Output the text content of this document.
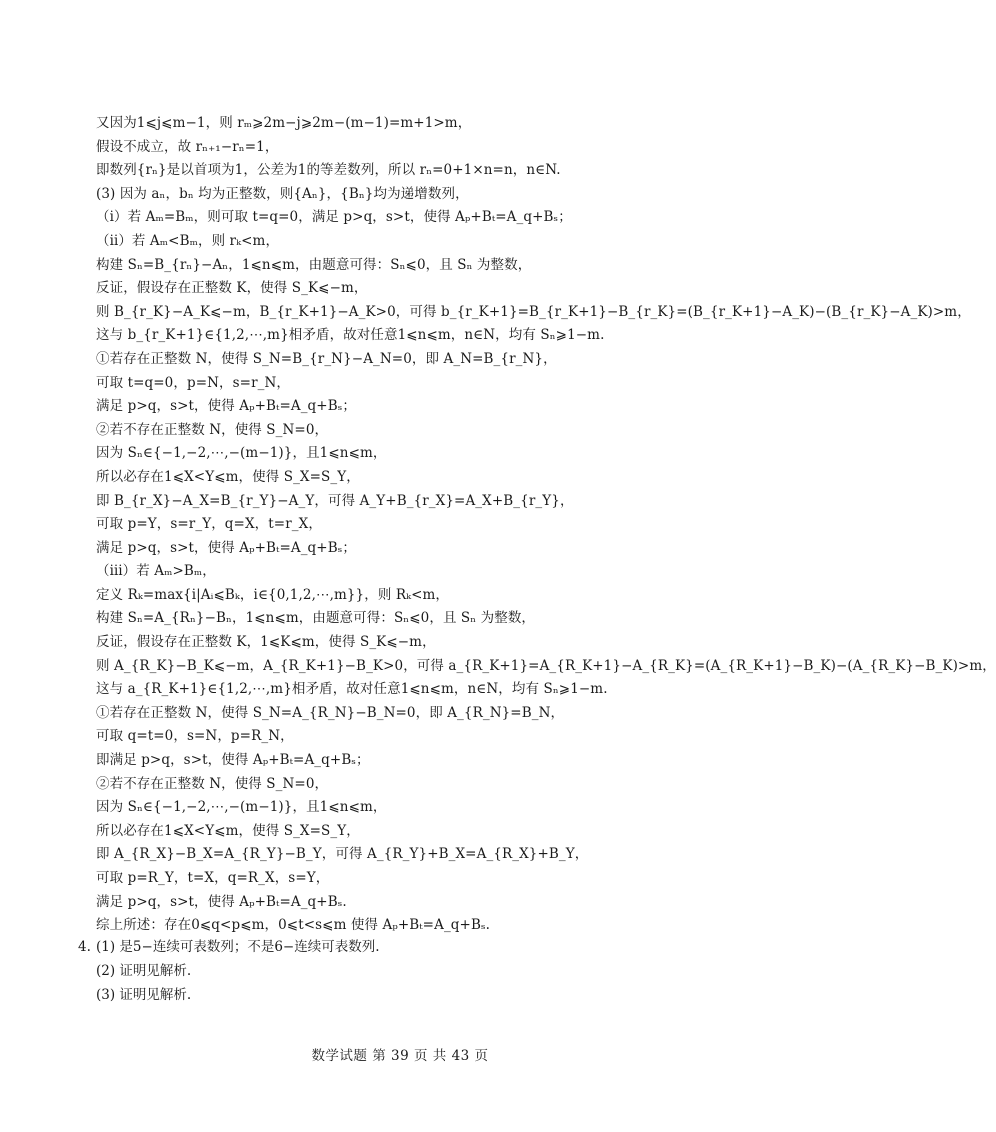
又因为1⩽j⩽m−1，则 rₘ⩾2m−j⩾2m−(m−1)=m+1>m，
假设不成立，故 rₙ₊₁−rₙ=1，
即数列{rₙ}是以首项为1，公差为1的等差数列，所以 rₙ=0+1×n=n，n∈N.
(3) 因为 aₙ，bₙ 均为正整数，则{Aₙ}，{Bₙ}均为递增数列，
（ⅰ）若 Aₘ=Bₘ，则可取 t=q=0，满足 p>q，s>t，使得 Aₚ+Bₜ=A_q+Bₛ；
（ⅱ）若 Aₘ<Bₘ，则 rₖ<m，
构建 Sₙ=B_{rₙ}−Aₙ，1⩽n⩽m，由题意可得：Sₙ⩽0，且 Sₙ 为整数，
反证，假设存在正整数 K，使得 S_K⩽−m，
则 B_{r_K}−A_K⩽−m，B_{r_K+1}−A_K>0，可得 b_{r_K+1}=B_{r_K+1}−B_{r_K}=(B_{r_K+1}−A_K)−(B_{r_K}−A_K)>m，
这与 b_{r_K+1}∈{1,2,⋯,m}相矛盾，故对任意1⩽n⩽m，n∈N，均有 Sₙ⩾1−m.
①若存在正整数 N，使得 S_N=B_{r_N}−A_N=0，即 A_N=B_{r_N}，
可取 t=q=0，p=N，s=r_N，
满足 p>q，s>t，使得 Aₚ+Bₜ=A_q+Bₛ；
②若不存在正整数 N，使得 S_N=0，
因为 Sₙ∈{−1,−2,⋯,−(m−1)}，且1⩽n⩽m，
所以必存在1⩽X<Y⩽m，使得 S_X=S_Y，
即 B_{r_X}−A_X=B_{r_Y}−A_Y，可得 A_Y+B_{r_X}=A_X+B_{r_Y}，
可取 p=Y，s=r_Y，q=X，t=r_X，
满足 p>q，s>t，使得 Aₚ+Bₜ=A_q+Bₛ；
（ⅲ）若 Aₘ>Bₘ，
定义 Rₖ=max{i|Aᵢ⩽Bₖ，i∈{0,1,2,⋯,m}}，则 Rₖ<m，
构建 Sₙ=A_{Rₙ}−Bₙ，1⩽n⩽m，由题意可得：Sₙ⩽0，且 Sₙ 为整数，
反证，假设存在正整数 K，1⩽K⩽m，使得 S_K⩽−m，
则 A_{R_K}−B_K⩽−m，A_{R_K+1}−B_K>0，可得 a_{R_K+1}=A_{R_K+1}−A_{R_K}=(A_{R_K+1}−B_K)−(A_{R_K}−B_K)>m，
这与 a_{R_K+1}∈{1,2,⋯,m}相矛盾，故对任意1⩽n⩽m，n∈N，均有 Sₙ⩾1−m.
①若存在正整数 N，使得 S_N=A_{R_N}−B_N=0，即 A_{R_N}=B_N，
可取 q=t=0，s=N，p=R_N，
即满足 p>q，s>t，使得 Aₚ+Bₜ=A_q+Bₛ；
②若不存在正整数 N，使得 S_N=0，
因为 Sₙ∈{−1,−2,⋯,−(m−1)}，且1⩽n⩽m，
所以必存在1⩽X<Y⩽m，使得 S_X=S_Y，
即 A_{R_X}−B_X=A_{R_Y}−B_Y，可得 A_{R_Y}+B_X=A_{R_X}+B_Y，
可取 p=R_Y，t=X，q=R_X，s=Y，
满足 p>q，s>t，使得 Aₚ+Bₜ=A_q+Bₛ.
综上所述：存在0⩽q<p⩽m，0⩽t<s⩽m 使得 Aₚ+Bₜ=A_q+Bₛ.
4. (1) 是5−连续可表数列；不是6−连续可表数列.
(2) 证明见解析.
(3) 证明见解析.
数学试题 第 39 页 共 43 页
